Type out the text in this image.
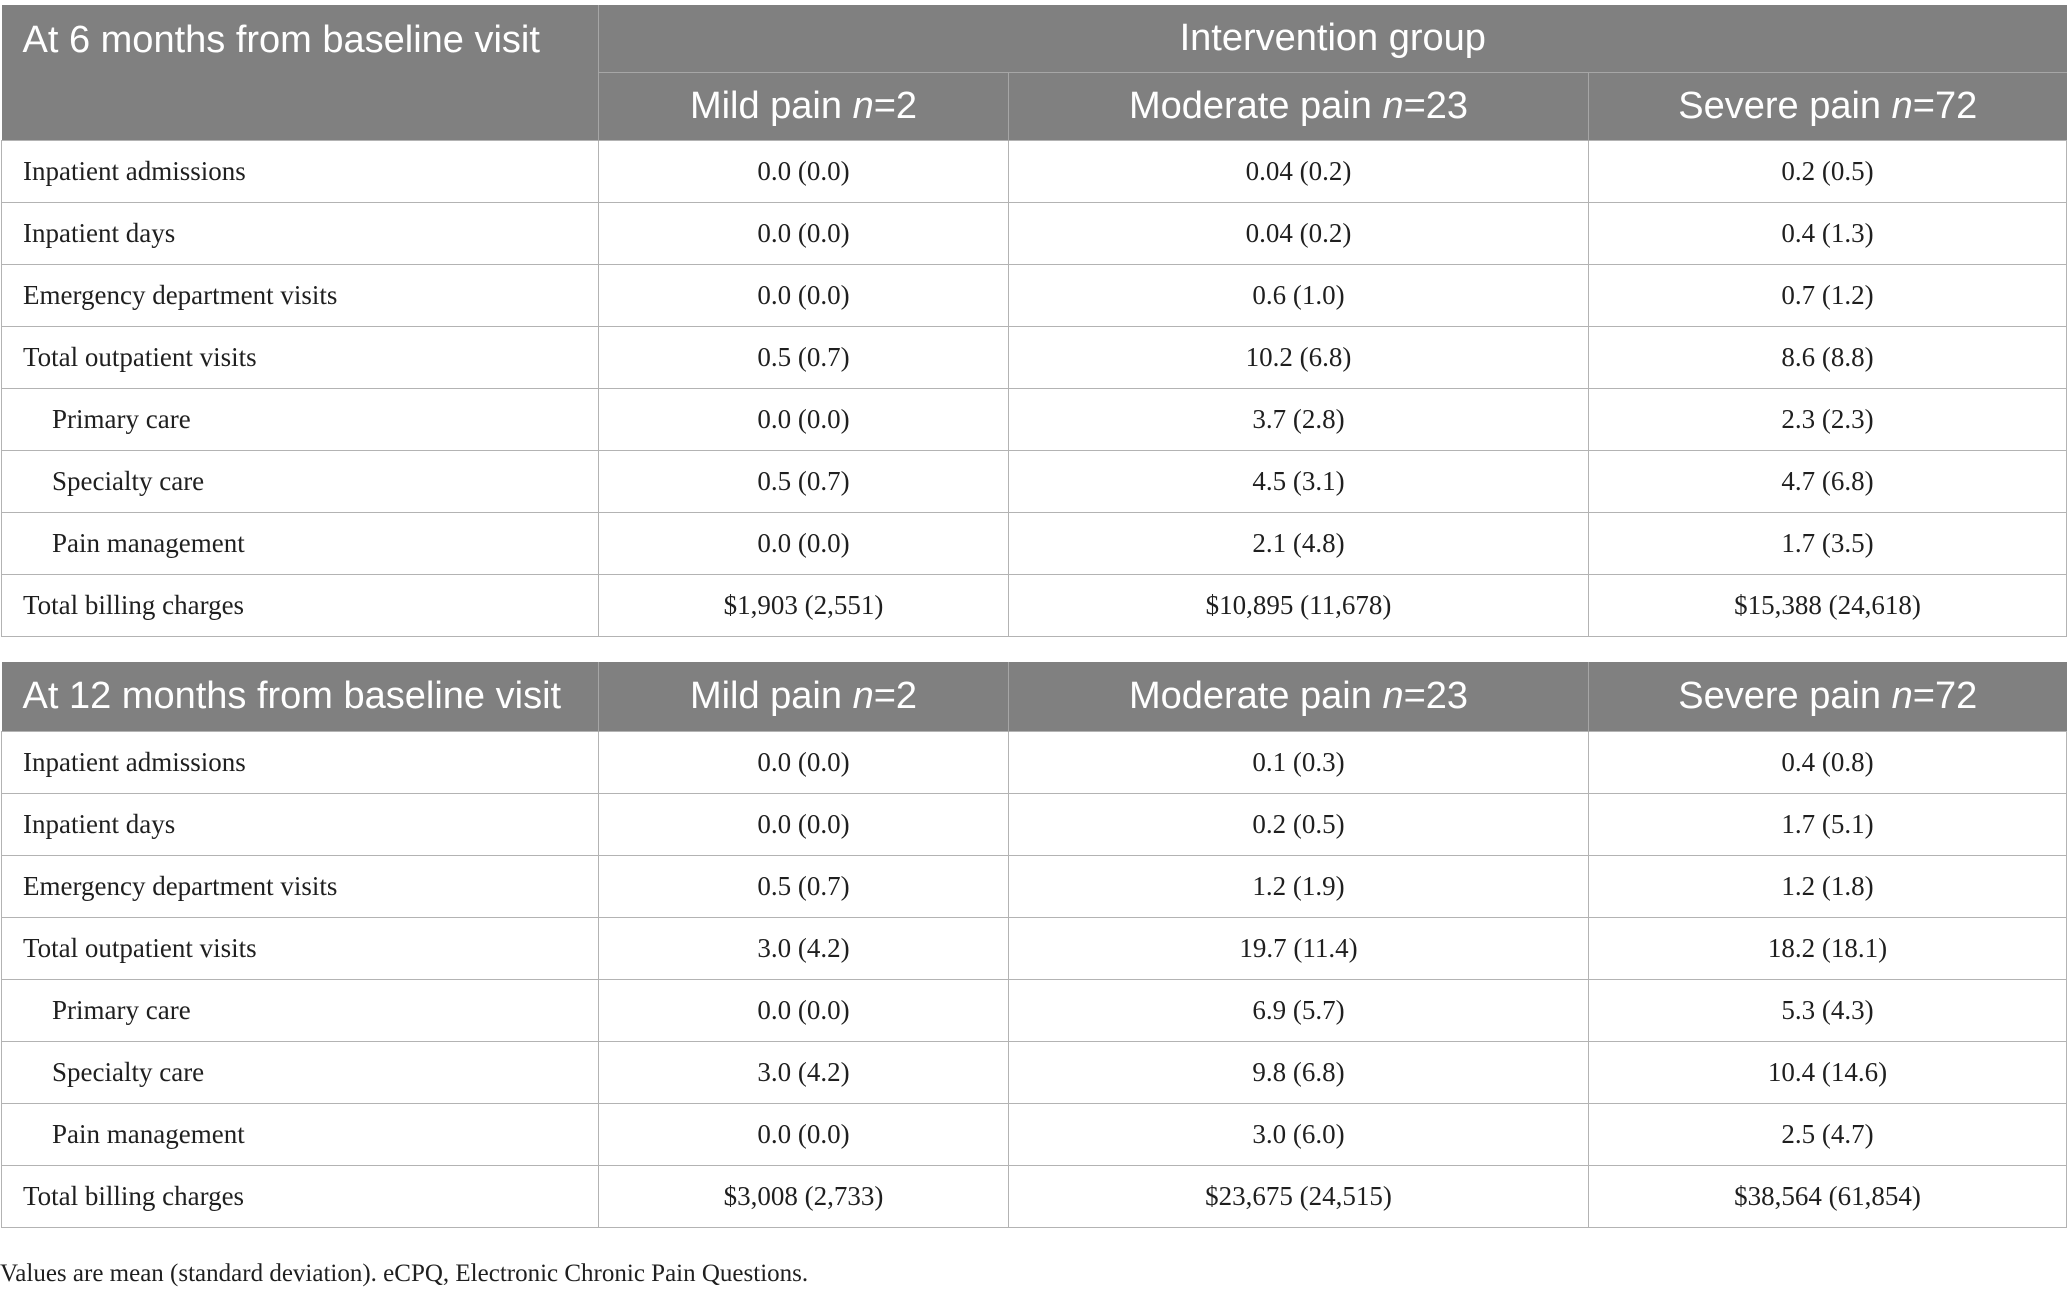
At 6 months from baseline visit	Intervention group		
	Mild pain n=2	Moderate pain n=23	Severe pain n=72
Inpatient admissions	0.0 (0.0)	0.04 (0.2)	0.2 (0.5)
Inpatient days	0.0 (0.0)	0.04 (0.2)	0.4 (1.3)
Emergency department visits	0.0 (0.0)	0.6 (1.0)	0.7 (1.2)
Total outpatient visits	0.5 (0.7)	10.2 (6.8)	8.6 (8.8)
Primary care	0.0 (0.0)	3.7 (2.8)	2.3 (2.3)
Specialty care	0.5 (0.7)	4.5 (3.1)	4.7 (6.8)
Pain management	0.0 (0.0)	2.1 (4.8)	1.7 (3.5)
Total billing charges	$1,903 (2,551)	$10,895 (11,678)	$15,388 (24,618)
At 12 months from baseline visit	Mild pain n=2	Moderate pain n=23	Severe pain n=72
Inpatient admissions	0.0 (0.0)	0.1 (0.3)	0.4 (0.8)
Inpatient days	0.0 (0.0)	0.2 (0.5)	1.7 (5.1)
Emergency department visits	0.5 (0.7)	1.2 (1.9)	1.2 (1.8)
Total outpatient visits	3.0 (4.2)	19.7 (11.4)	18.2 (18.1)
Primary care	0.0 (0.0)	6.9 (5.7)	5.3 (4.3)
Specialty care	3.0 (4.2)	9.8 (6.8)	10.4 (14.6)
Pain management	0.0 (0.0)	3.0 (6.0)	2.5 (4.7)
Total billing charges	$3,008 (2,733)	$23,675 (24,515)	$38,564 (61,854)
Values are mean (standard deviation). eCPQ, Electronic Chronic Pain Questions.
